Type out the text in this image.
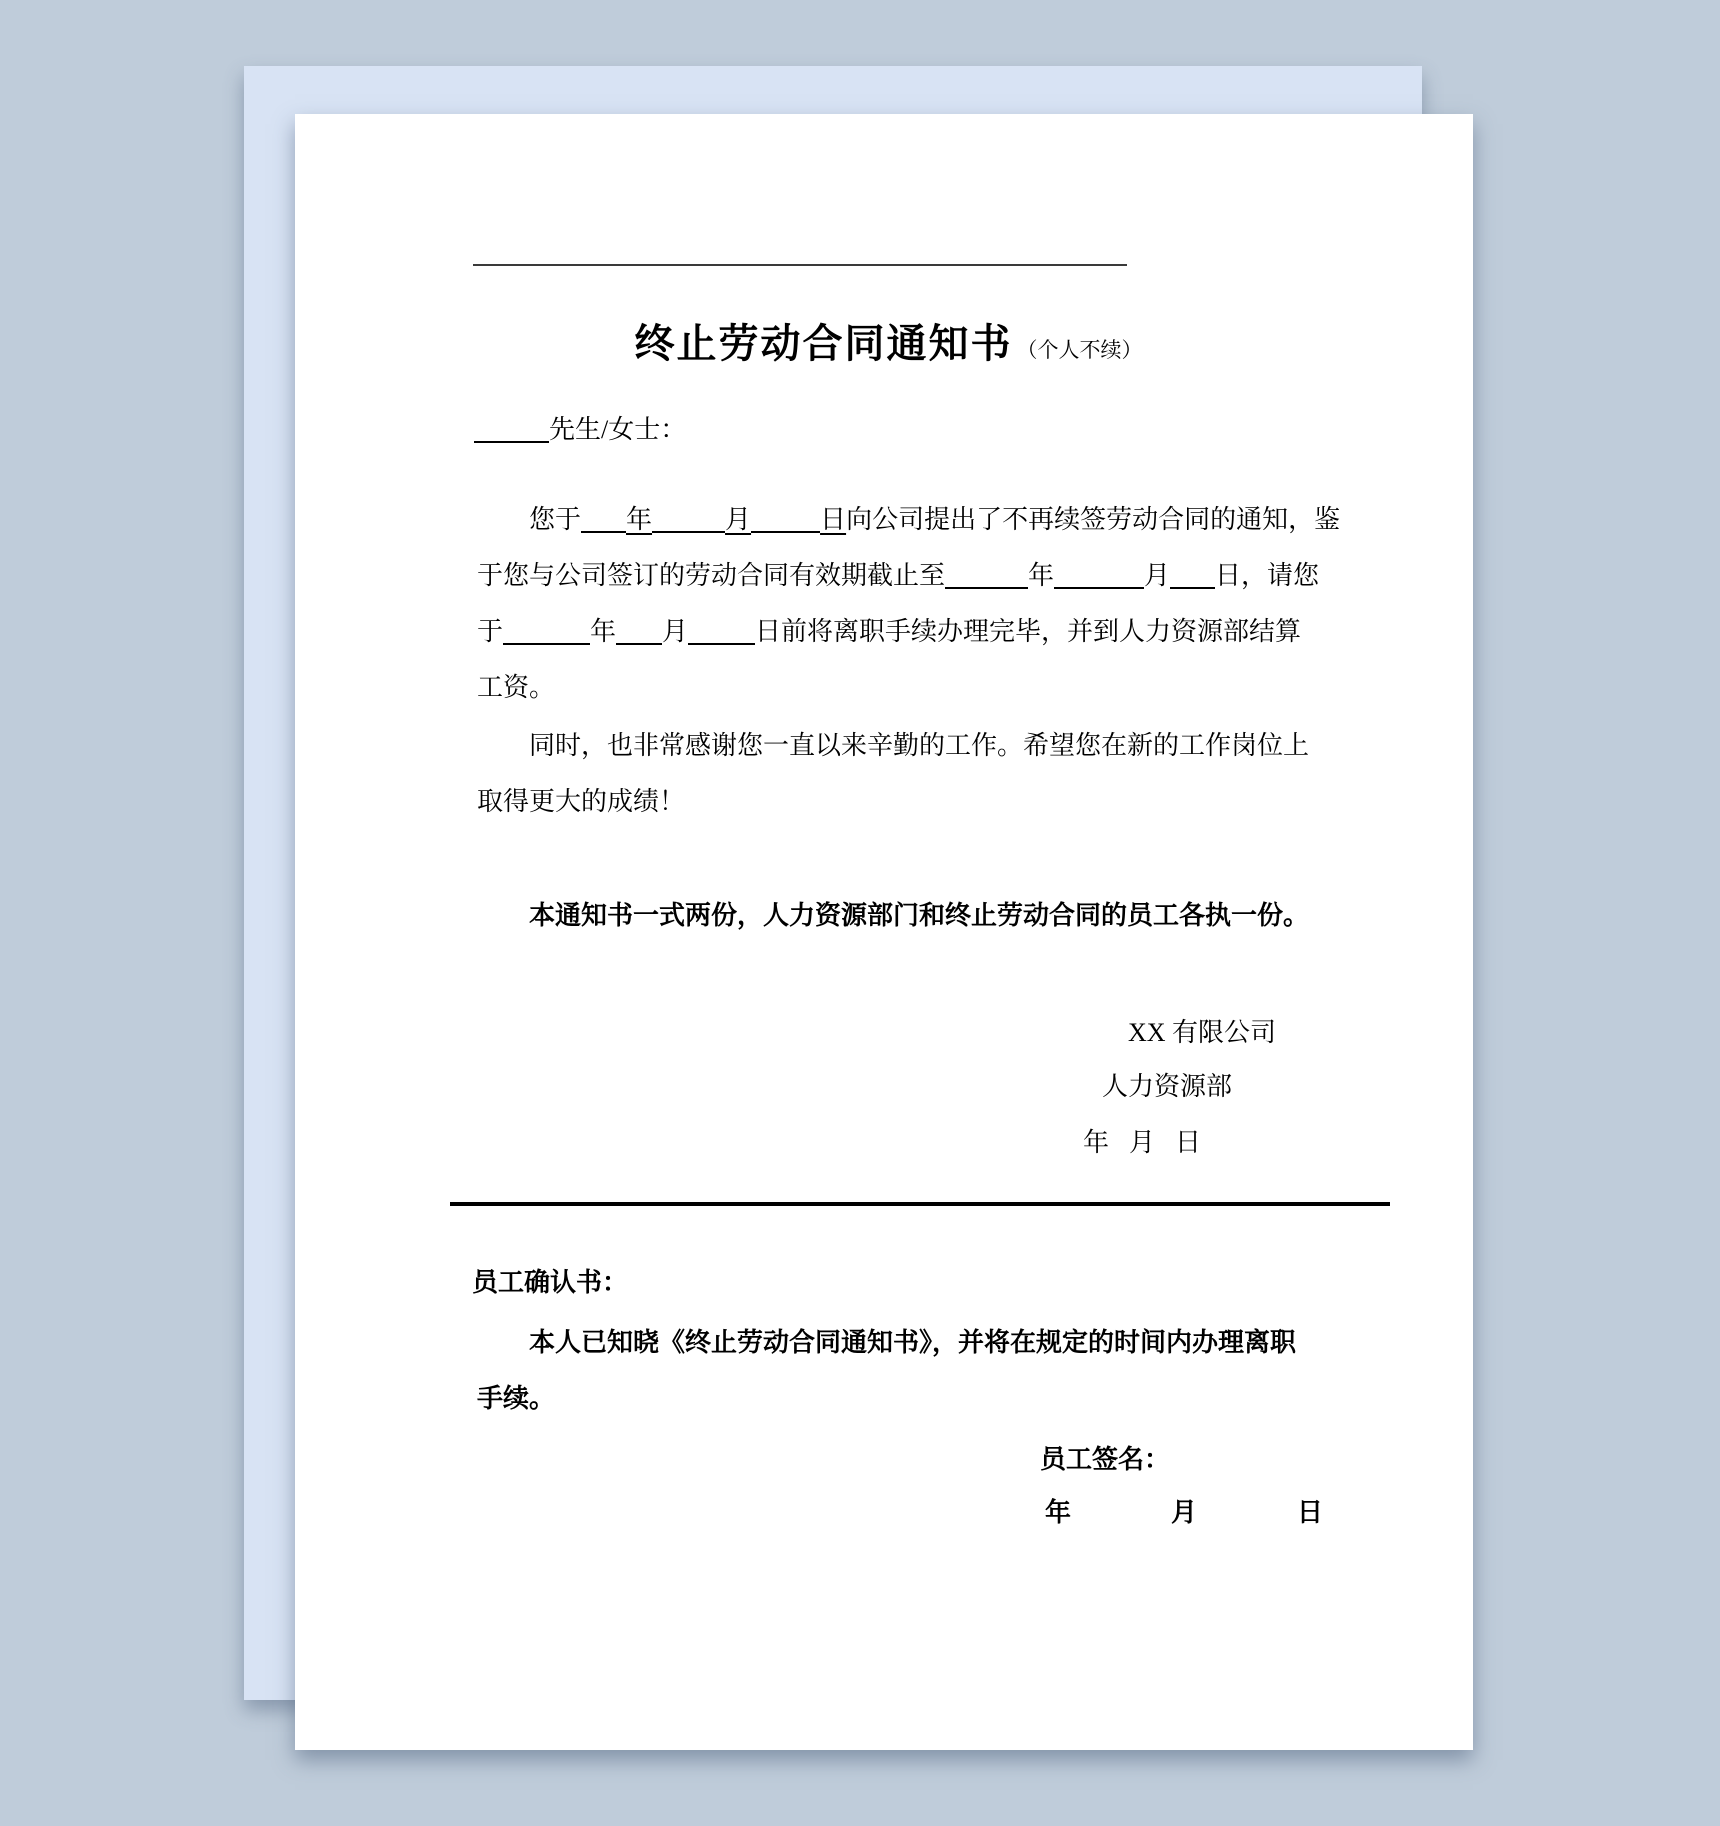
终止劳动合同通知书 （个人不续）
先生/女士：
您于 年	月	日向公司提出了不再续签劳动合同的通知，鉴
于您与公司签订的劳动合同有效期截止至	年	月 日，请您
于	年 月	日前将离职手续办理完毕，并到人力资源部结算
工资。
同时，也非常感谢您一直以来辛勤的工作。希望您在新的工作岗位上
取得更大的成绩！
本通知书一式两份，人力资源部门和终止劳动合同的员工各执一份。
XX 有限公司
人力资源部
年 月 日
员工确认书：
本人已知晓《终止劳动合同通知书》，并将在规定的时间内办理离职
手续。
员工签名：
年	月	日
